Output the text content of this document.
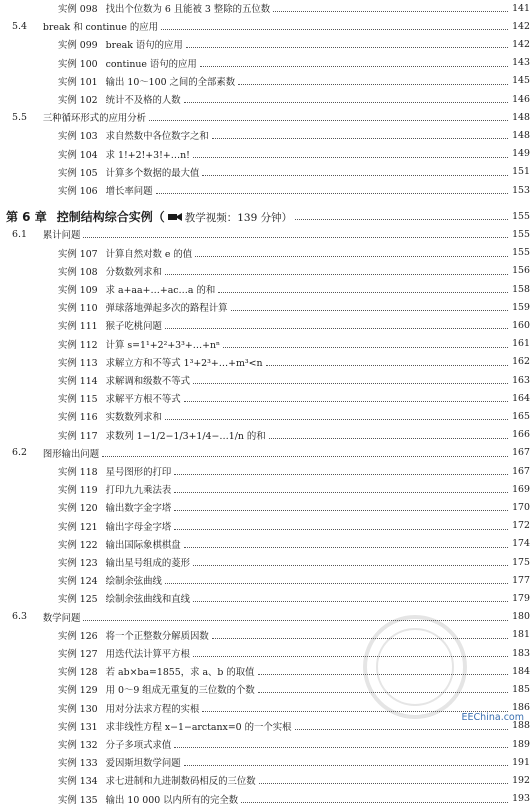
实例 098 找出个位数为 6 且能被 3 整除的五位数	141
5.4 break 和 continue 的应用	142
实例 099 break 语句的应用	142
实例 100 continue 语句的应用	143
实例 101 输出 10～100 之间的全部素数	145
实例 102 统计不及格的人数	146
5.5 三种循环形式的应用分析	148
实例 103 求自然数中各位数字之和	148
实例 104 求 1!+2!+3!+…n!	149
实例 105 计算多个数据的最大值	151
实例 106 增长率问题	153
第 6 章 控制结构综合实例（ 教学视频：139 分钟）	155
6.1 累计问题	155
实例 107 计算自然对数 e 的值	155
实例 108 分数数列求和	156
实例 109 求 a+aa+…+ac…a 的和	158
实例 110 弹球落地弹起多次的路程计算	159
实例 111 猴子吃桃问题	160
实例 112 计算 s=1¹+2²+3³+…+nⁿ	161
实例 113 求解立方和不等式 1³+2³+…+m³<n	162
实例 114 求解调和级数不等式	163
实例 115 求解平方根不等式	164
实例 116 实数数列求和	165
实例 117 求数列 1−1/2−1/3+1/4−…1/n 的和	166
6.2 图形输出问题	167
实例 118 星号图形的打印	167
实例 119 打印九九乘法表	169
实例 120 输出数字金字塔	170
实例 121 输出字母金字塔	172
实例 122 输出国际象棋棋盘	174
实例 123 输出星号组成的菱形	175
实例 124 绘制余弦曲线	177
实例 125 绘制余弦曲线和直线	179
6.3 数学问题	180
实例 126 将一个正整数分解质因数	181
实例 127 用迭代法计算平方根	183
实例 128 若 ab×ba=1855，求 a、b 的取值	184
实例 129 用 0～9 组成无重复的三位数的个数	185
实例 130 用对分法求方程的实根	186
实例 131 求非线性方程 x−1−arctanx=0 的一个实根	188
实例 132 分子多项式求值	189
实例 133 爱因斯坦数学问题	191
实例 134 求七进制和九进制数码相反的三位数	192
实例 135 输出 10 000 以内所有的完全数	193
EEChina.com
